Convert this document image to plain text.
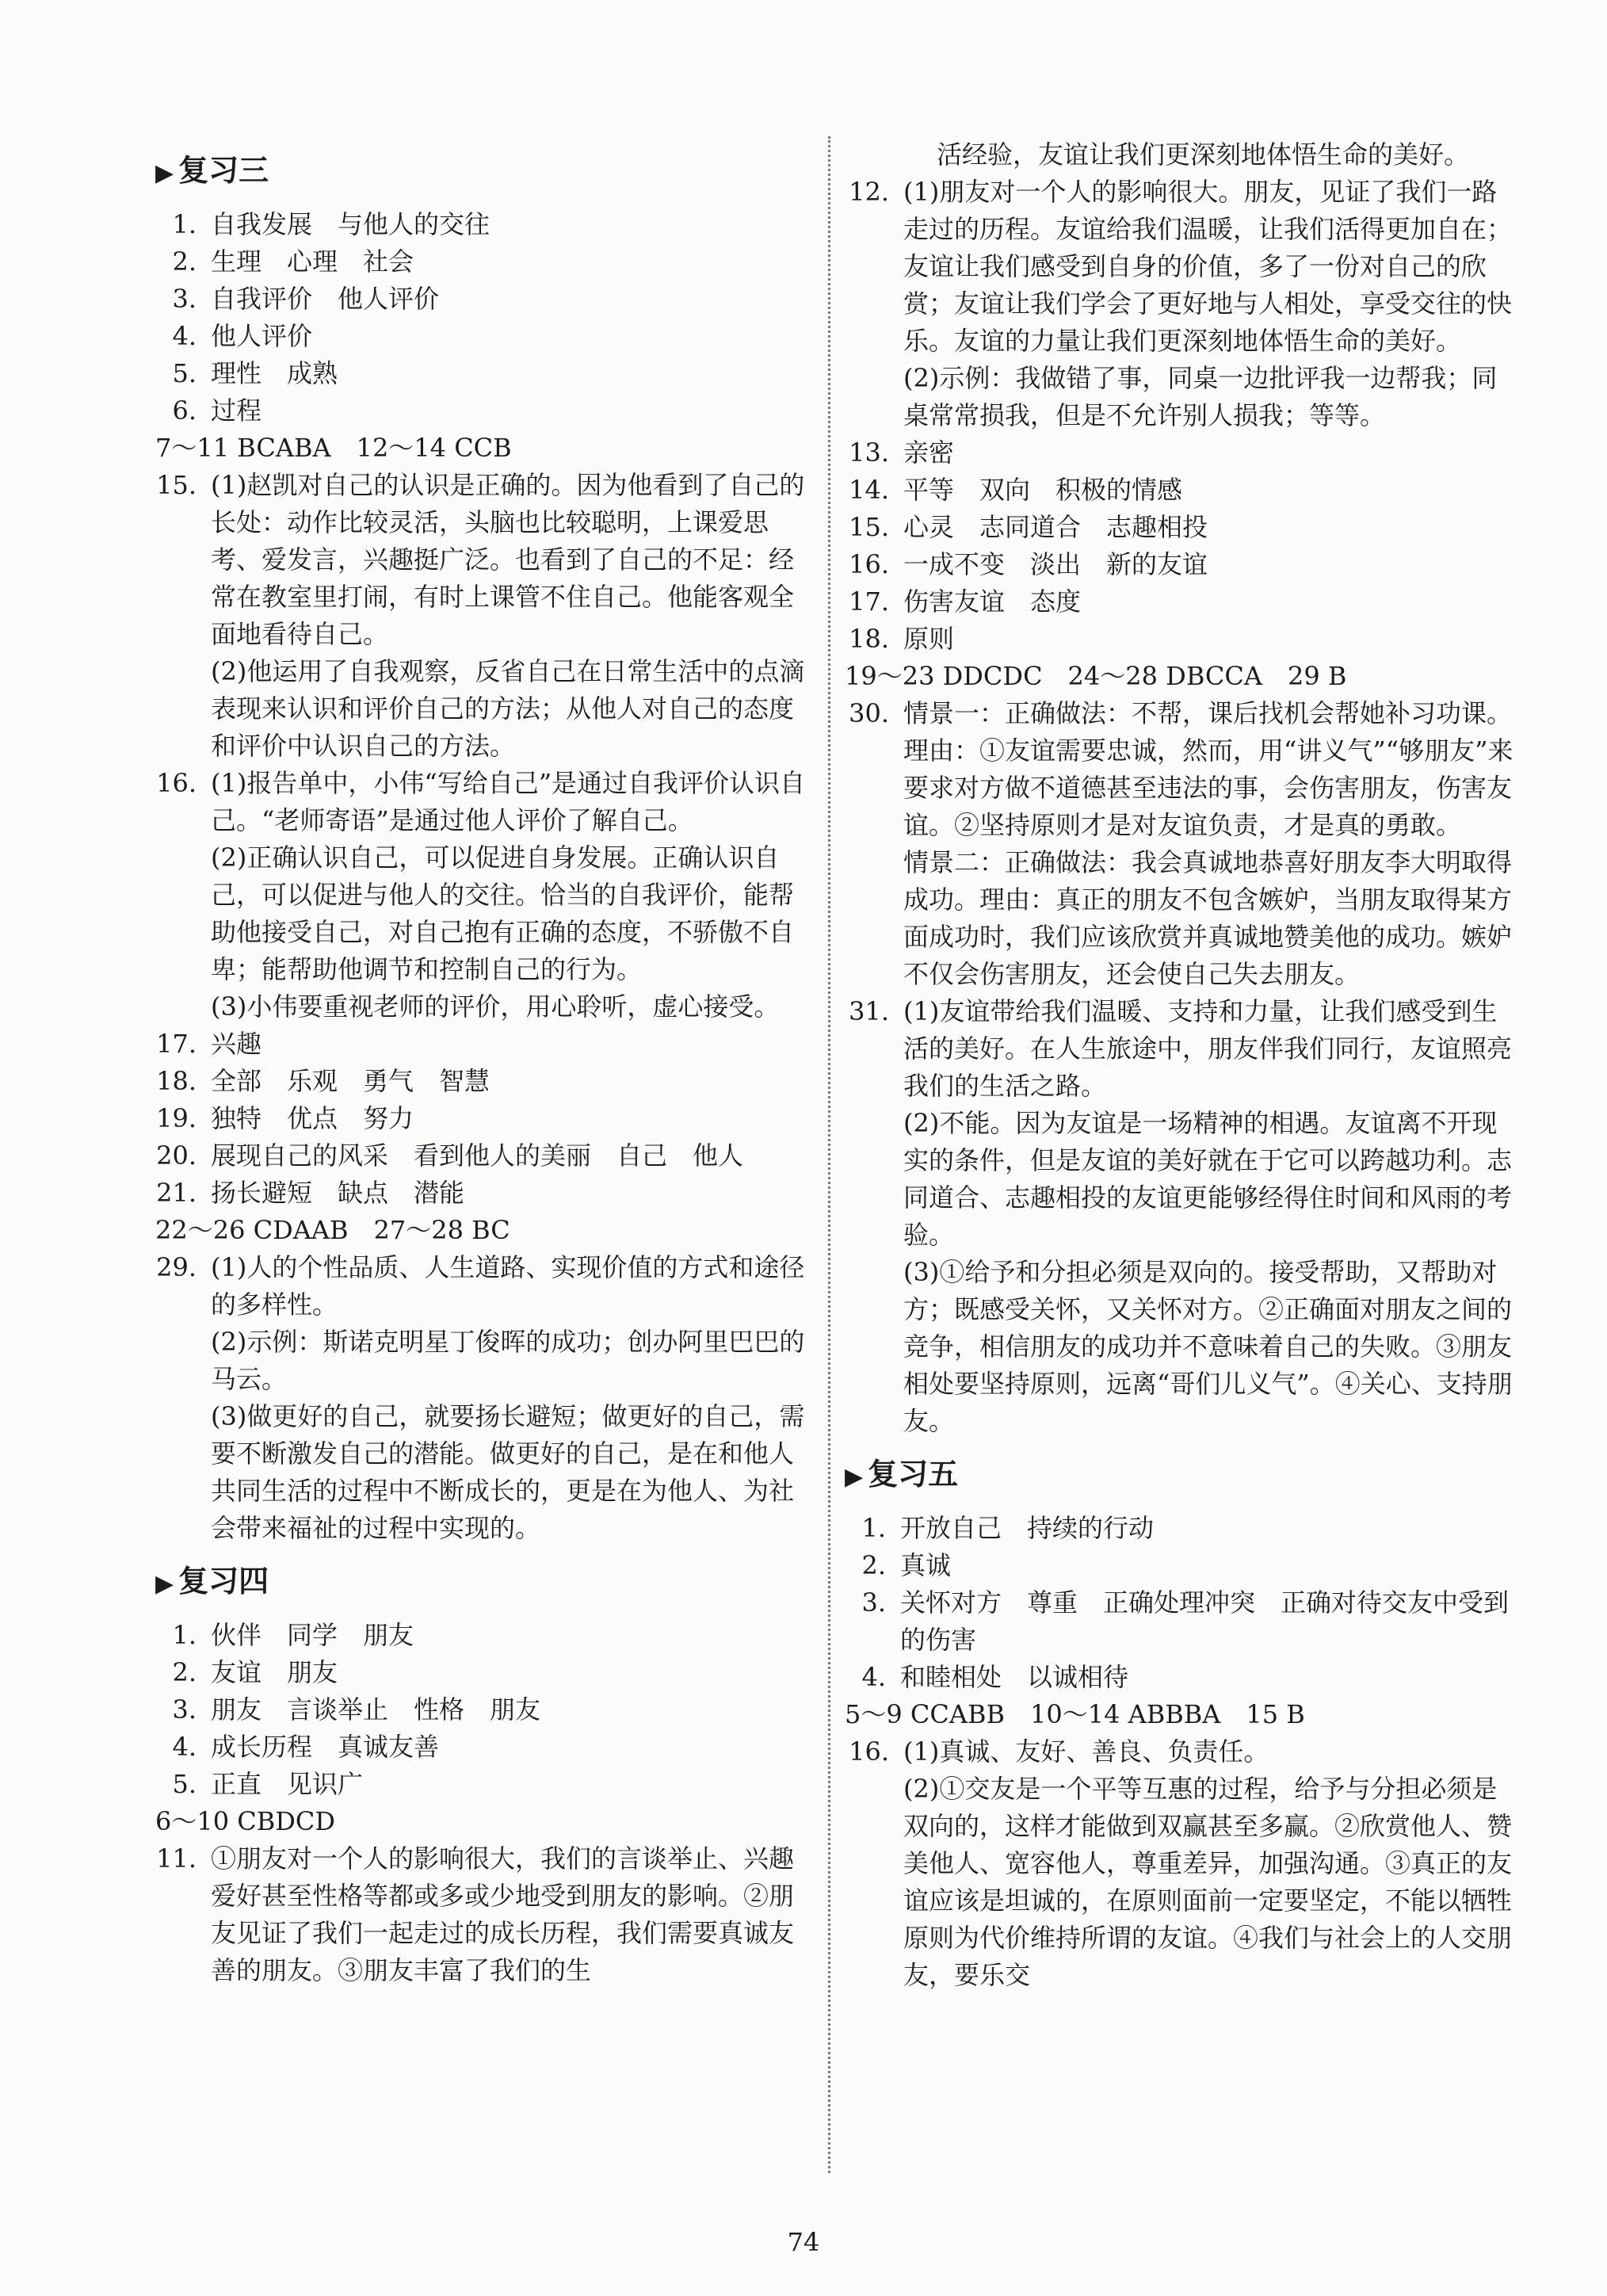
▶ 复习三
1. 自我发展　与他人的交往
2. 生理　心理　社会
3. 自我评价　他人评价
4. 他人评价
5. 理性　成熟
6. 过程
7～11 BCABA　12～14 CCB
15. (1)赵凯对自己的认识是正确的。因为他看到了自己的长处：动作比较灵活，头脑也比较聪明，上课爱思考、爱发言，兴趣挺广泛。也看到了自己的不足：经常在教室里打闹，有时上课管不住自己。他能客观全面地看待自己。
(2)他运用了自我观察，反省自己在日常生活中的点滴表现来认识和评价自己的方法；从他人对自己的态度和评价中认识自己的方法。
16. (1)报告单中，小伟“写给自己”是通过自我评价认识自己。“老师寄语”是通过他人评价了解自己。
(2)正确认识自己，可以促进自身发展。正确认识自己，可以促进与他人的交往。恰当的自我评价，能帮助他接受自己，对自己抱有正确的态度，不骄傲不自卑；能帮助他调节和控制自己的行为。
(3)小伟要重视老师的评价，用心聆听，虚心接受。
17. 兴趣
18. 全部　乐观　勇气　智慧
19. 独特　优点　努力
20. 展现自己的风采　看到他人的美丽　自己　他人
21. 扬长避短　缺点　潜能
22～26 CDAAB　27～28 BC
29. (1)人的个性品质、人生道路、实现价值的方式和途径的多样性。
(2)示例：斯诺克明星丁俊晖的成功；创办阿里巴巴的马云。
(3)做更好的自己，就要扬长避短；做更好的自己，需要不断激发自己的潜能。做更好的自己，是在和他人共同生活的过程中不断成长的，更是在为他人、为社会带来福祉的过程中实现的。
▶ 复习四
1. 伙伴　同学　朋友
2. 友谊　朋友
3. 朋友　言谈举止　性格　朋友
4. 成长历程　真诚友善
5. 正直　见识广
6～10 CBDCD
11. ①朋友对一个人的影响很大，我们的言谈举止、兴趣爱好甚至性格等都或多或少地受到朋友的影响。②朋友见证了我们一起走过的成长历程，我们需要真诚友善的朋友。③朋友丰富了我们的生
活经验，友谊让我们更深刻地体悟生命的美好。
12. (1)朋友对一个人的影响很大。朋友，见证了我们一路走过的历程。友谊给我们温暖，让我们活得更加自在；友谊让我们感受到自身的价值，多了一份对自己的欣赏；友谊让我们学会了更好地与人相处，享受交往的快乐。友谊的力量让我们更深刻地体悟生命的美好。
(2)示例：我做错了事，同桌一边批评我一边帮我；同桌常常损我，但是不允许别人损我；等等。
13. 亲密
14. 平等　双向　积极的情感
15. 心灵　志同道合　志趣相投
16. 一成不变　淡出　新的友谊
17. 伤害友谊　态度
18. 原则
19～23 DDCDC　24～28 DBCCA　29 B
30. 情景一：正确做法：不帮，课后找机会帮她补习功课。理由：①友谊需要忠诚，然而，用“讲义气”“够朋友”来要求对方做不道德甚至违法的事，会伤害朋友，伤害友谊。②坚持原则才是对友谊负责，才是真的勇敢。
情景二：正确做法：我会真诚地恭喜好朋友李大明取得成功。理由：真正的朋友不包含嫉妒，当朋友取得某方面成功时，我们应该欣赏并真诚地赞美他的成功。嫉妒不仅会伤害朋友，还会使自己失去朋友。
31. (1)友谊带给我们温暖、支持和力量，让我们感受到生活的美好。在人生旅途中，朋友伴我们同行，友谊照亮我们的生活之路。
(2)不能。因为友谊是一场精神的相遇。友谊离不开现实的条件，但是友谊的美好就在于它可以跨越功利。志同道合、志趣相投的友谊更能够经得住时间和风雨的考验。
(3)①给予和分担必须是双向的。接受帮助，又帮助对方；既感受关怀，又关怀对方。②正确面对朋友之间的竞争，相信朋友的成功并不意味着自己的失败。③朋友相处要坚持原则，远离“哥们儿义气”。④关心、支持朋友。
▶ 复习五
1. 开放自己　持续的行动
2. 真诚
3. 关怀对方　尊重　正确处理冲突　正确对待交友中受到的伤害
4. 和睦相处　以诚相待
5～9 CCABB　10～14 ABBBA　15 B
16. (1)真诚、友好、善良、负责任。
(2)①交友是一个平等互惠的过程，给予与分担必须是双向的，这样才能做到双赢甚至多赢。②欣赏他人、赞美他人、宽容他人，尊重差异，加强沟通。③真正的友谊应该是坦诚的，在原则面前一定要坚定，不能以牺牲原则为代价维持所谓的友谊。④我们与社会上的人交朋友，要乐交
74
